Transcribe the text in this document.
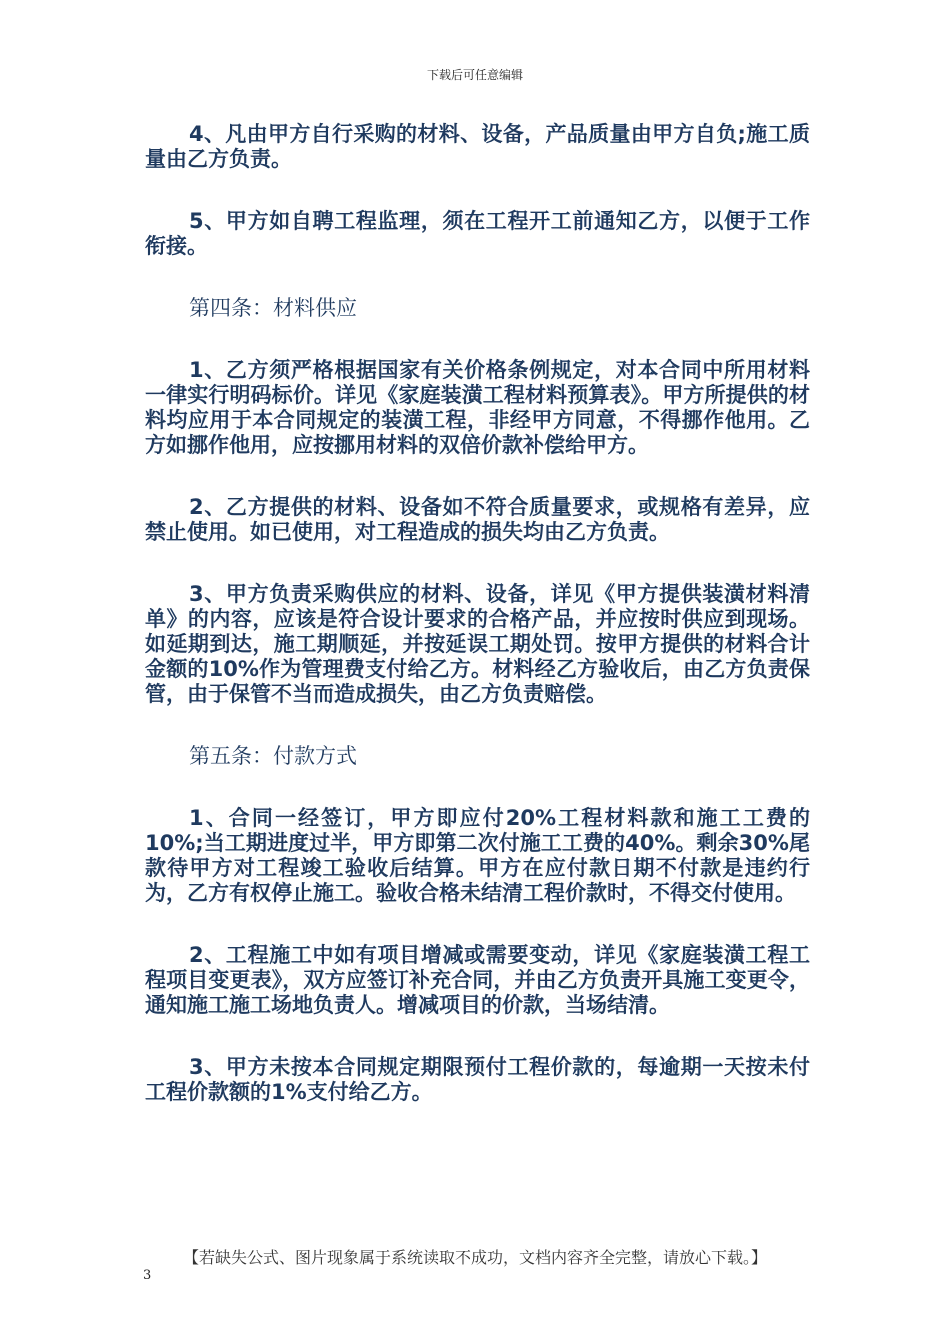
下载后可任意编辑

4、凡由甲方自行采购的材料、设备，产品质量由甲方自负;施工质量由乙方负责。

5、甲方如自聘工程监理，须在工程开工前通知乙方，以便于工作衔接。

第四条：材料供应

1、乙方须严格根据国家有关价格条例规定，对本合同中所用材料一律实行明码标价。详见《家庭装潢工程材料预算表》。甲方所提供的材料均应用于本合同规定的装潢工程，非经甲方同意，不得挪作他用。乙方如挪作他用，应按挪用材料的双倍价款补偿给甲方。

2、乙方提供的材料、设备如不符合质量要求，或规格有差异，应禁止使用。如已使用，对工程造成的损失均由乙方负责。

3、甲方负责采购供应的材料、设备，详见《甲方提供装潢材料清单》的内容，应该是符合设计要求的合格产品，并应按时供应到现场。如延期到达，施工期顺延，并按延误工期处罚。按甲方提供的材料合计金额的10%作为管理费支付给乙方。材料经乙方验收后，由乙方负责保管，由于保管不当而造成损失，由乙方负责赔偿。

第五条：付款方式

1、合同一经签订，甲方即应付20%工程材料款和施工工费的10%;当工期进度过半，甲方即第二次付施工工费的40%。剩余30%尾款待甲方对工程竣工验收后结算。甲方在应付款日期不付款是违约行为，乙方有权停止施工。验收合格未结清工程价款时，不得交付使用。

2、工程施工中如有项目增减或需要变动，详见《家庭装潢工程工程项目变更表》，双方应签订补充合同，并由乙方负责开具施工变更令，通知施工施工场地负责人。增减项目的价款，当场结清。

3、甲方未按本合同规定期限预付工程价款的，每逾期一天按未付工程价款额的1%支付给乙方。

【若缺失公式、图片现象属于系统读取不成功，文档内容齐全完整，请放心下载。】
3
